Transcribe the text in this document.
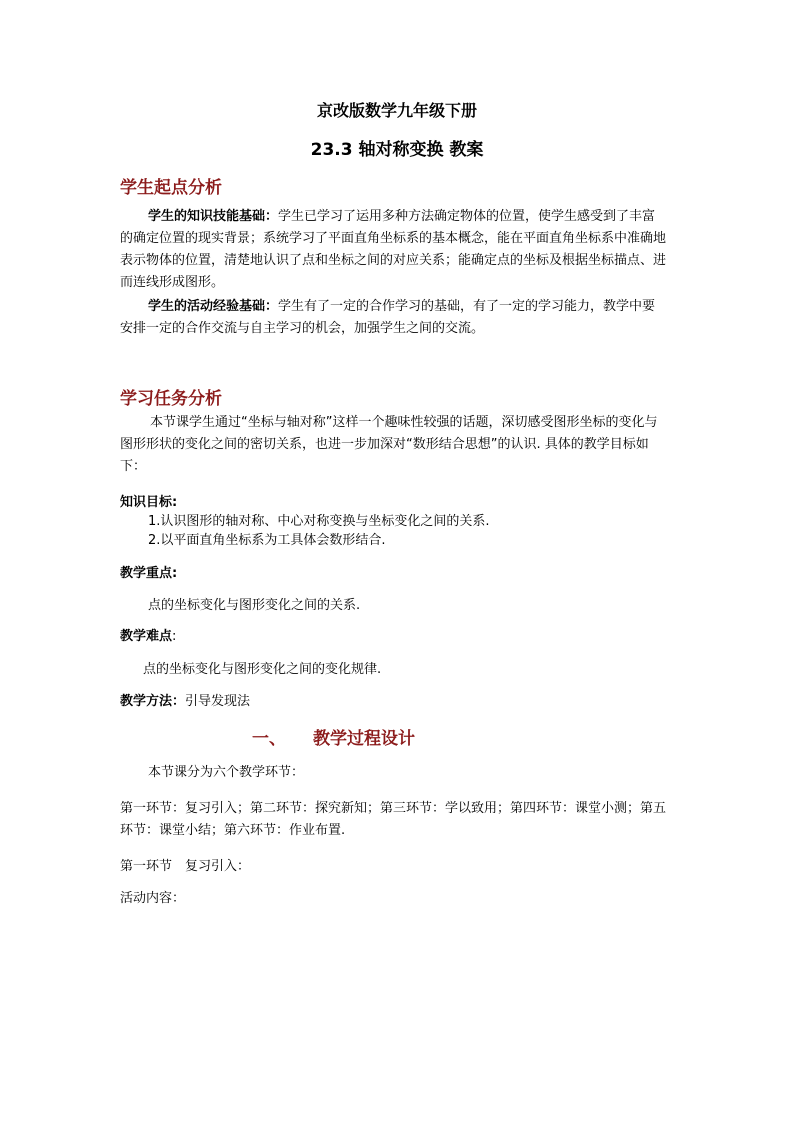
京改版数学九年级下册
23.3 轴对称变换 教案
学生起点分析
学生的知识技能基础：学生已学习了运用多种方法确定物体的位置，使学生感受到了丰富的确定位置的现实背景；系统学习了平面直角坐标系的基本概念，能在平面直角坐标系中准确地表示物体的位置，清楚地认识了点和坐标之间的对应关系；能确定点的坐标及根据坐标描点、进而连线形成图形。
学生的活动经验基础：学生有了一定的合作学习的基础，有了一定的学习能力，教学中要安排一定的合作交流与自主学习的机会，加强学生之间的交流。
学习任务分析
本节课学生通过“坐标与轴对称”这样一个趣味性较强的话题，深切感受图形坐标的变化与图形形状的变化之间的密切关系，也进一步加深对“数形结合思想”的认识. 具体的教学目标如下：
知识目标:
1.认识图形的轴对称、中心对称变换与坐标变化之间的关系.
2.以平面直角坐标系为工具体会数形结合.
教学重点:
点的坐标变化与图形变化之间的关系.
教学难点:
点的坐标变化与图形变化之间的变化规律.
教学方法：引导发现法
一、 教学过程设计
本节课分为六个教学环节：
第一环节：复习引入；第二环节：探究新知；第三环节：学以致用；第四环节：课堂小测；第五环节：课堂小结；第六环节：作业布置.
第一环节　复习引入：
活动内容：
